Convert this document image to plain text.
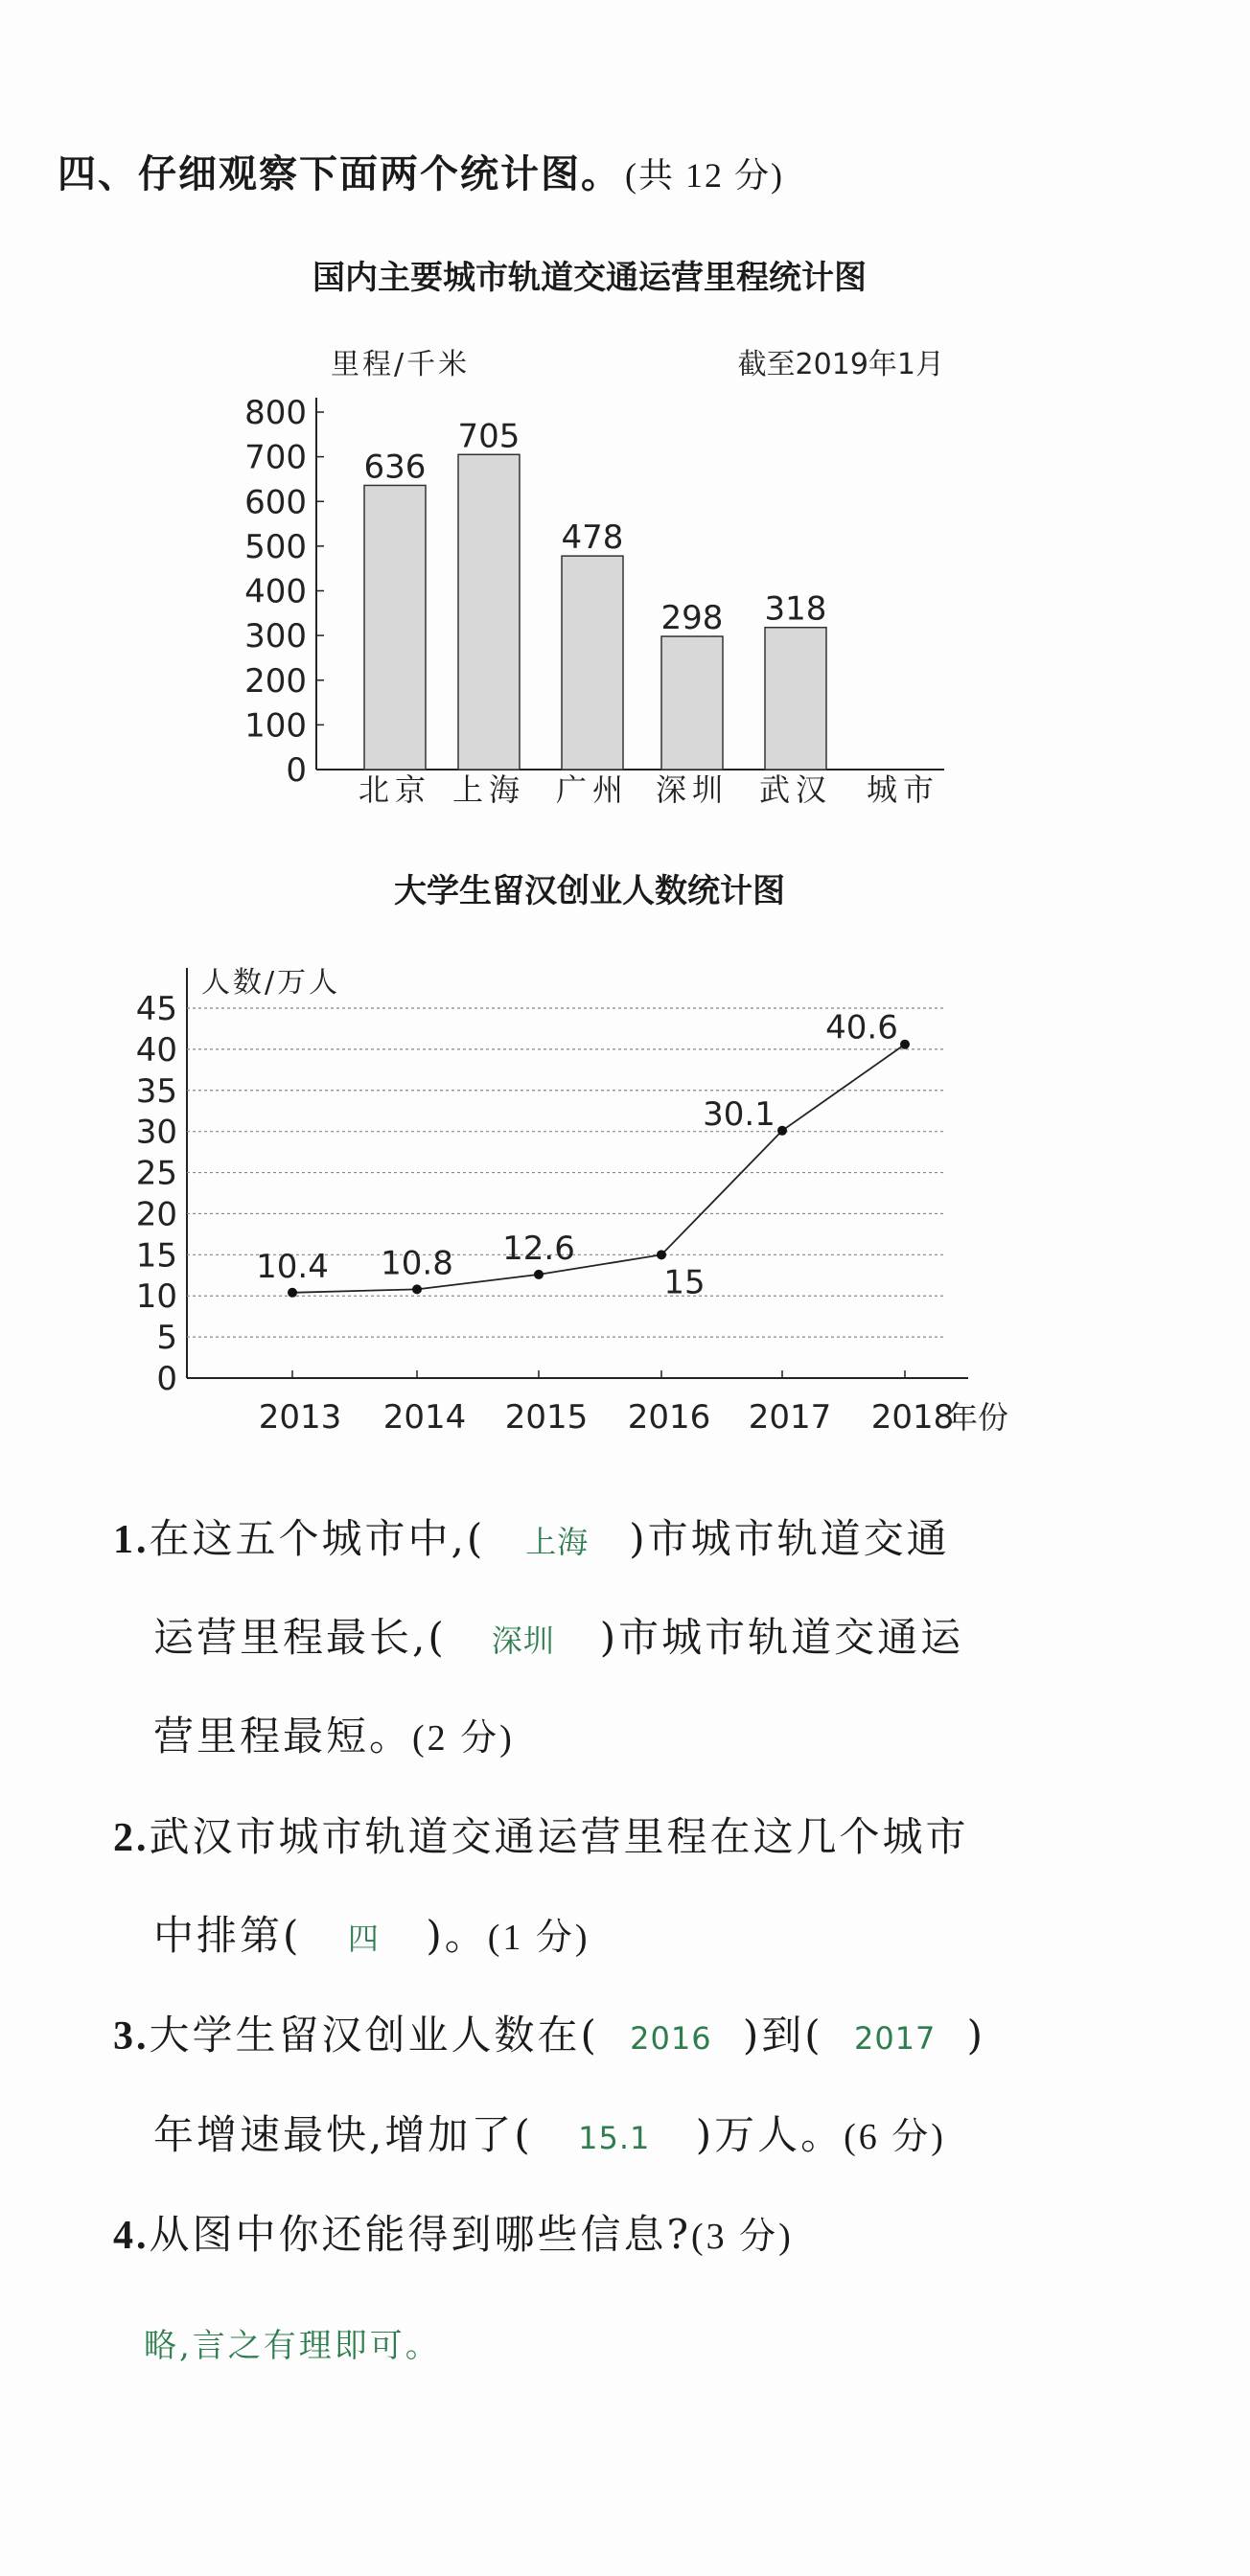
四、仔细观察下面两个统计图。 (共 12 分)
国内主要城市轨道交通运营里程统计图
0
100
200
300
400
500
600
700
800
里程/千米	截至2019年1月
636
北京
705
上海
478
广州
298
深圳
318
武汉 城市
大学生留汉创业人数统计图
0
5
10
15
20
25
30
35
40
45
人数/万人
10.4
2013
10.8
2014
12.6
2015
15
2016
30.1
2017
40.6
2018
年份
1.在这五个城市中,( 上海 )市城市轨道交通
运营里程最长,( 深圳 )市城市轨道交通运
营里程最短。(2 分)
2.武汉市城市轨道交通运营里程在这几个城市
中排第( 四 )。(1 分)
3.大学生留汉创业人数在( 2016 )到( 2017 )
年增速最快,增加了( 15.1 )万人。(6 分)
4.从图中你还能得到哪些信息?(3 分)
略,言之有理即可。
